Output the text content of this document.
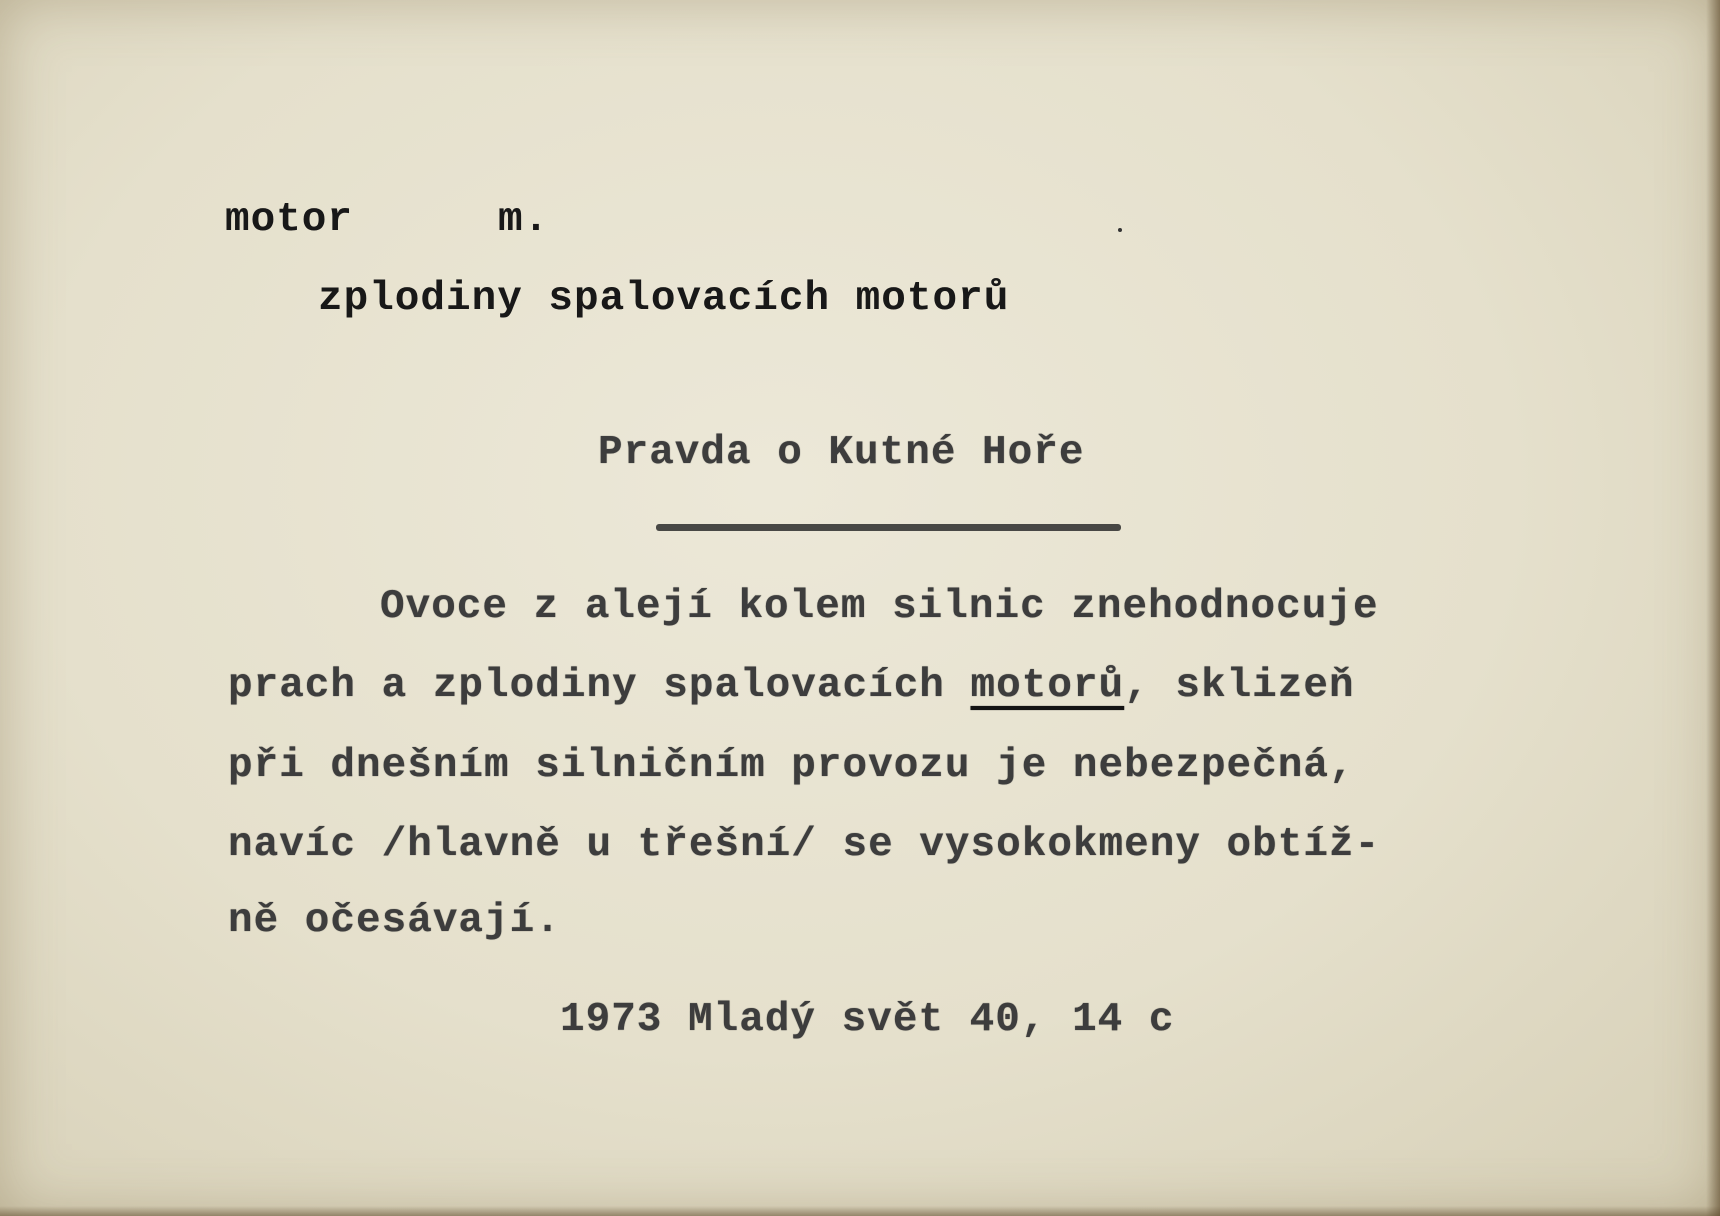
motor	m.
zplodiny spalovacích motorů
Pravda o Kutné Hoře
Ovoce z alejí kolem silnic znehodnocuje
prach a zplodiny spalovacích motorů, sklizeň
při dnešním silničním provozu je nebezpečná,
navíc /hlavně u třešní/ se vysokokmeny obtíž-
ně očesávají.
1973 Mladý svět 40, 14 c
